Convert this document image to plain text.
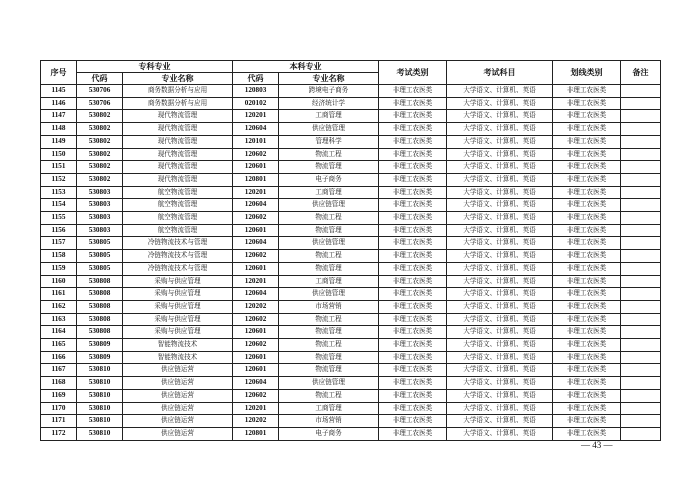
序号	专科专业		本科专业		考试类别	考试科目	划线类别	备注
	代码	专业名称	代码	专业名称				
1145	530706	商务数据分析与应用	120803	跨境电子商务	非理工农医类	大学语文、计算机、英语	非理工农医类	
1146	530706	商务数据分析与应用	020102	经济统计学	非理工农医类	大学语文、计算机、英语	非理工农医类	
1147	530802	现代物流管理	120201	工商管理	非理工农医类	大学语文、计算机、英语	非理工农医类	
1148	530802	现代物流管理	120604	供应链管理	非理工农医类	大学语文、计算机、英语	非理工农医类	
1149	530802	现代物流管理	120101	管理科学	非理工农医类	大学语文、计算机、英语	非理工农医类	
1150	530802	现代物流管理	120602	物流工程	非理工农医类	大学语文、计算机、英语	非理工农医类	
1151	530802	现代物流管理	120601	物流管理	非理工农医类	大学语文、计算机、英语	非理工农医类	
1152	530802	现代物流管理	120801	电子商务	非理工农医类	大学语文、计算机、英语	非理工农医类	
1153	530803	航空物流管理	120201	工商管理	非理工农医类	大学语文、计算机、英语	非理工农医类	
1154	530803	航空物流管理	120604	供应链管理	非理工农医类	大学语文、计算机、英语	非理工农医类	
1155	530803	航空物流管理	120602	物流工程	非理工农医类	大学语文、计算机、英语	非理工农医类	
1156	530803	航空物流管理	120601	物流管理	非理工农医类	大学语文、计算机、英语	非理工农医类	
1157	530805	冷链物流技术与管理	120604	供应链管理	非理工农医类	大学语文、计算机、英语	非理工农医类	
1158	530805	冷链物流技术与管理	120602	物流工程	非理工农医类	大学语文、计算机、英语	非理工农医类	
1159	530805	冷链物流技术与管理	120601	物流管理	非理工农医类	大学语文、计算机、英语	非理工农医类	
1160	530808	采购与供应管理	120201	工商管理	非理工农医类	大学语文、计算机、英语	非理工农医类	
1161	530808	采购与供应管理	120604	供应链管理	非理工农医类	大学语文、计算机、英语	非理工农医类	
1162	530808	采购与供应管理	120202	市场营销	非理工农医类	大学语文、计算机、英语	非理工农医类	
1163	530808	采购与供应管理	120602	物流工程	非理工农医类	大学语文、计算机、英语	非理工农医类	
1164	530808	采购与供应管理	120601	物流管理	非理工农医类	大学语文、计算机、英语	非理工农医类	
1165	530809	智能物流技术	120602	物流工程	非理工农医类	大学语文、计算机、英语	非理工农医类	
1166	530809	智能物流技术	120601	物流管理	非理工农医类	大学语文、计算机、英语	非理工农医类	
1167	530810	供应链运营	120601	物流管理	非理工农医类	大学语文、计算机、英语	非理工农医类	
1168	530810	供应链运营	120604	供应链管理	非理工农医类	大学语文、计算机、英语	非理工农医类	
1169	530810	供应链运营	120602	物流工程	非理工农医类	大学语文、计算机、英语	非理工农医类	
1170	530810	供应链运营	120201	工商管理	非理工农医类	大学语文、计算机、英语	非理工农医类	
1171	530810	供应链运营	120202	市场营销	非理工农医类	大学语文、计算机、英语	非理工农医类	
1172	530810	供应链运营	120801	电子商务	非理工农医类	大学语文、计算机、英语	非理工农医类	
— 43 —
